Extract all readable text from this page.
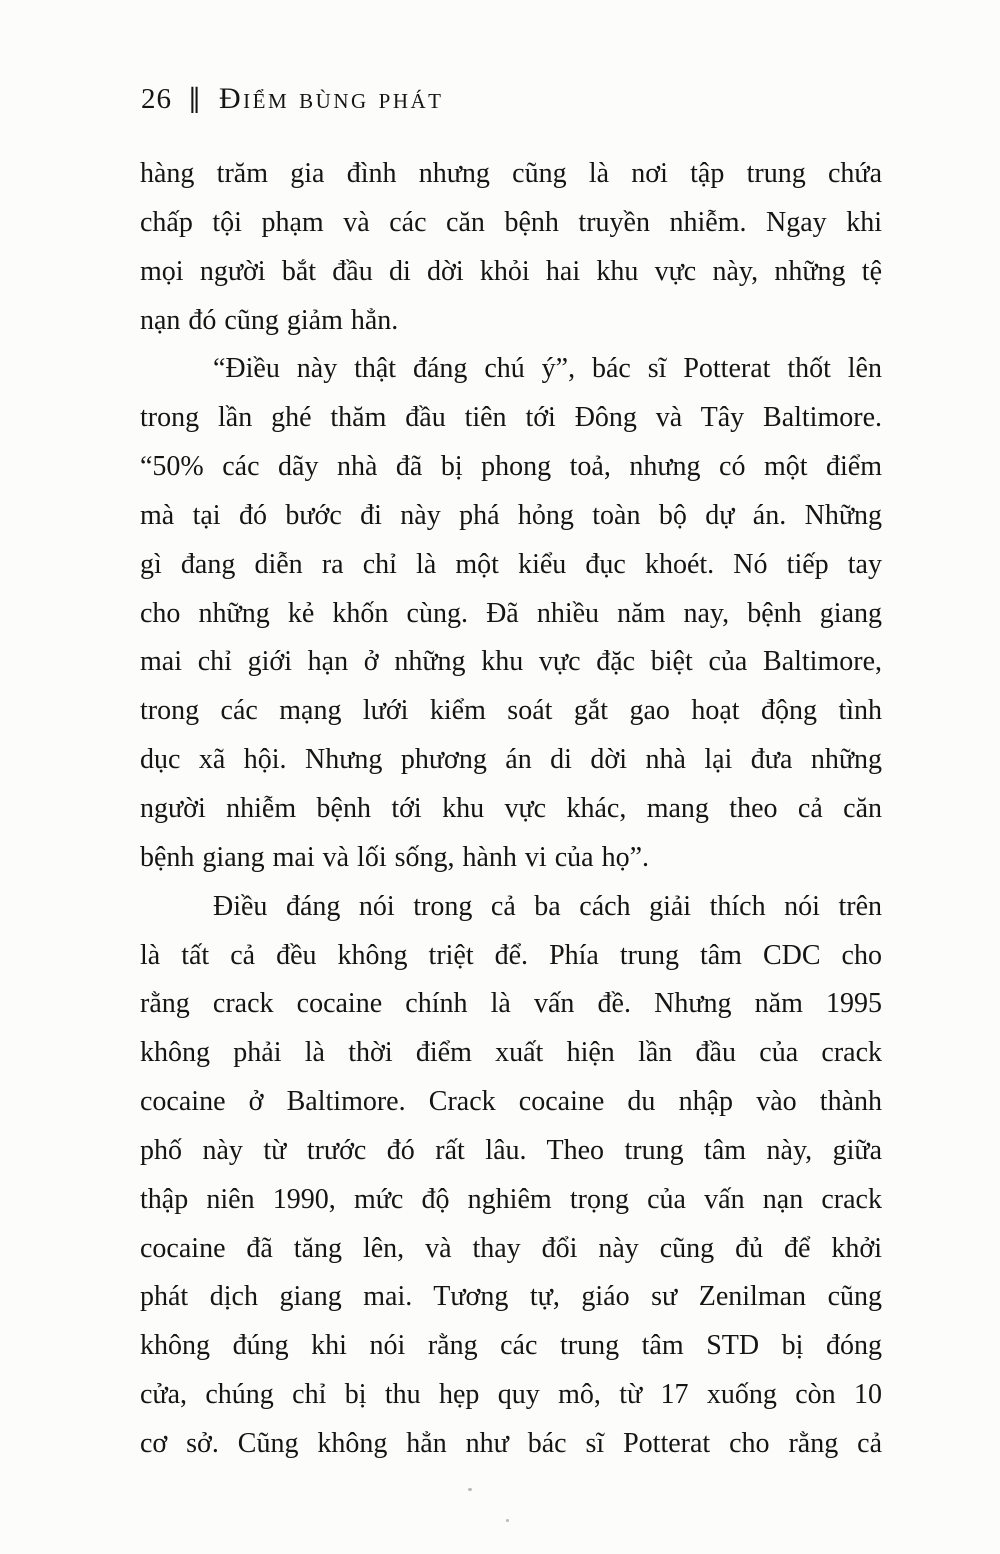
26 ‖ Điểm bùng phát
hàng trăm gia đình nhưng cũng là nơi tập trung chứa
chấp tội phạm và các căn bệnh truyền nhiễm. Ngay khi
mọi người bắt đầu di dời khỏi hai khu vực này, những tệ
nạn đó cũng giảm hẳn.
“Điều này thật đáng chú ý”, bác sĩ Potterat thốt lên
trong lần ghé thăm đầu tiên tới Đông và Tây Baltimore.
“50% các dãy nhà đã bị phong toả, nhưng có một điểm
mà tại đó bước đi này phá hỏng toàn bộ dự án. Những
gì đang diễn ra chỉ là một kiểu đục khoét. Nó tiếp tay
cho những kẻ khốn cùng. Đã nhiều năm nay, bệnh giang
mai chỉ giới hạn ở những khu vực đặc biệt của Baltimore,
trong các mạng lưới kiểm soát gắt gao hoạt động tình
dục xã hội. Nhưng phương án di dời nhà lại đưa những
người nhiễm bệnh tới khu vực khác, mang theo cả căn
bệnh giang mai và lối sống, hành vi của họ”.
Điều đáng nói trong cả ba cách giải thích nói trên
là tất cả đều không triệt để. Phía trung tâm CDC cho
rằng crack cocaine chính là vấn đề. Nhưng năm 1995
không phải là thời điểm xuất hiện lần đầu của crack
cocaine ở Baltimore. Crack cocaine du nhập vào thành
phố này từ trước đó rất lâu. Theo trung tâm này, giữa
thập niên 1990, mức độ nghiêm trọng của vấn nạn crack
cocaine đã tăng lên, và thay đổi này cũng đủ để khởi
phát dịch giang mai. Tương tự, giáo sư Zenilman cũng
không đúng khi nói rằng các trung tâm STD bị đóng
cửa, chúng chỉ bị thu hẹp quy mô, từ 17 xuống còn 10
cơ sở. Cũng không hẳn như bác sĩ Potterat cho rằng cả
